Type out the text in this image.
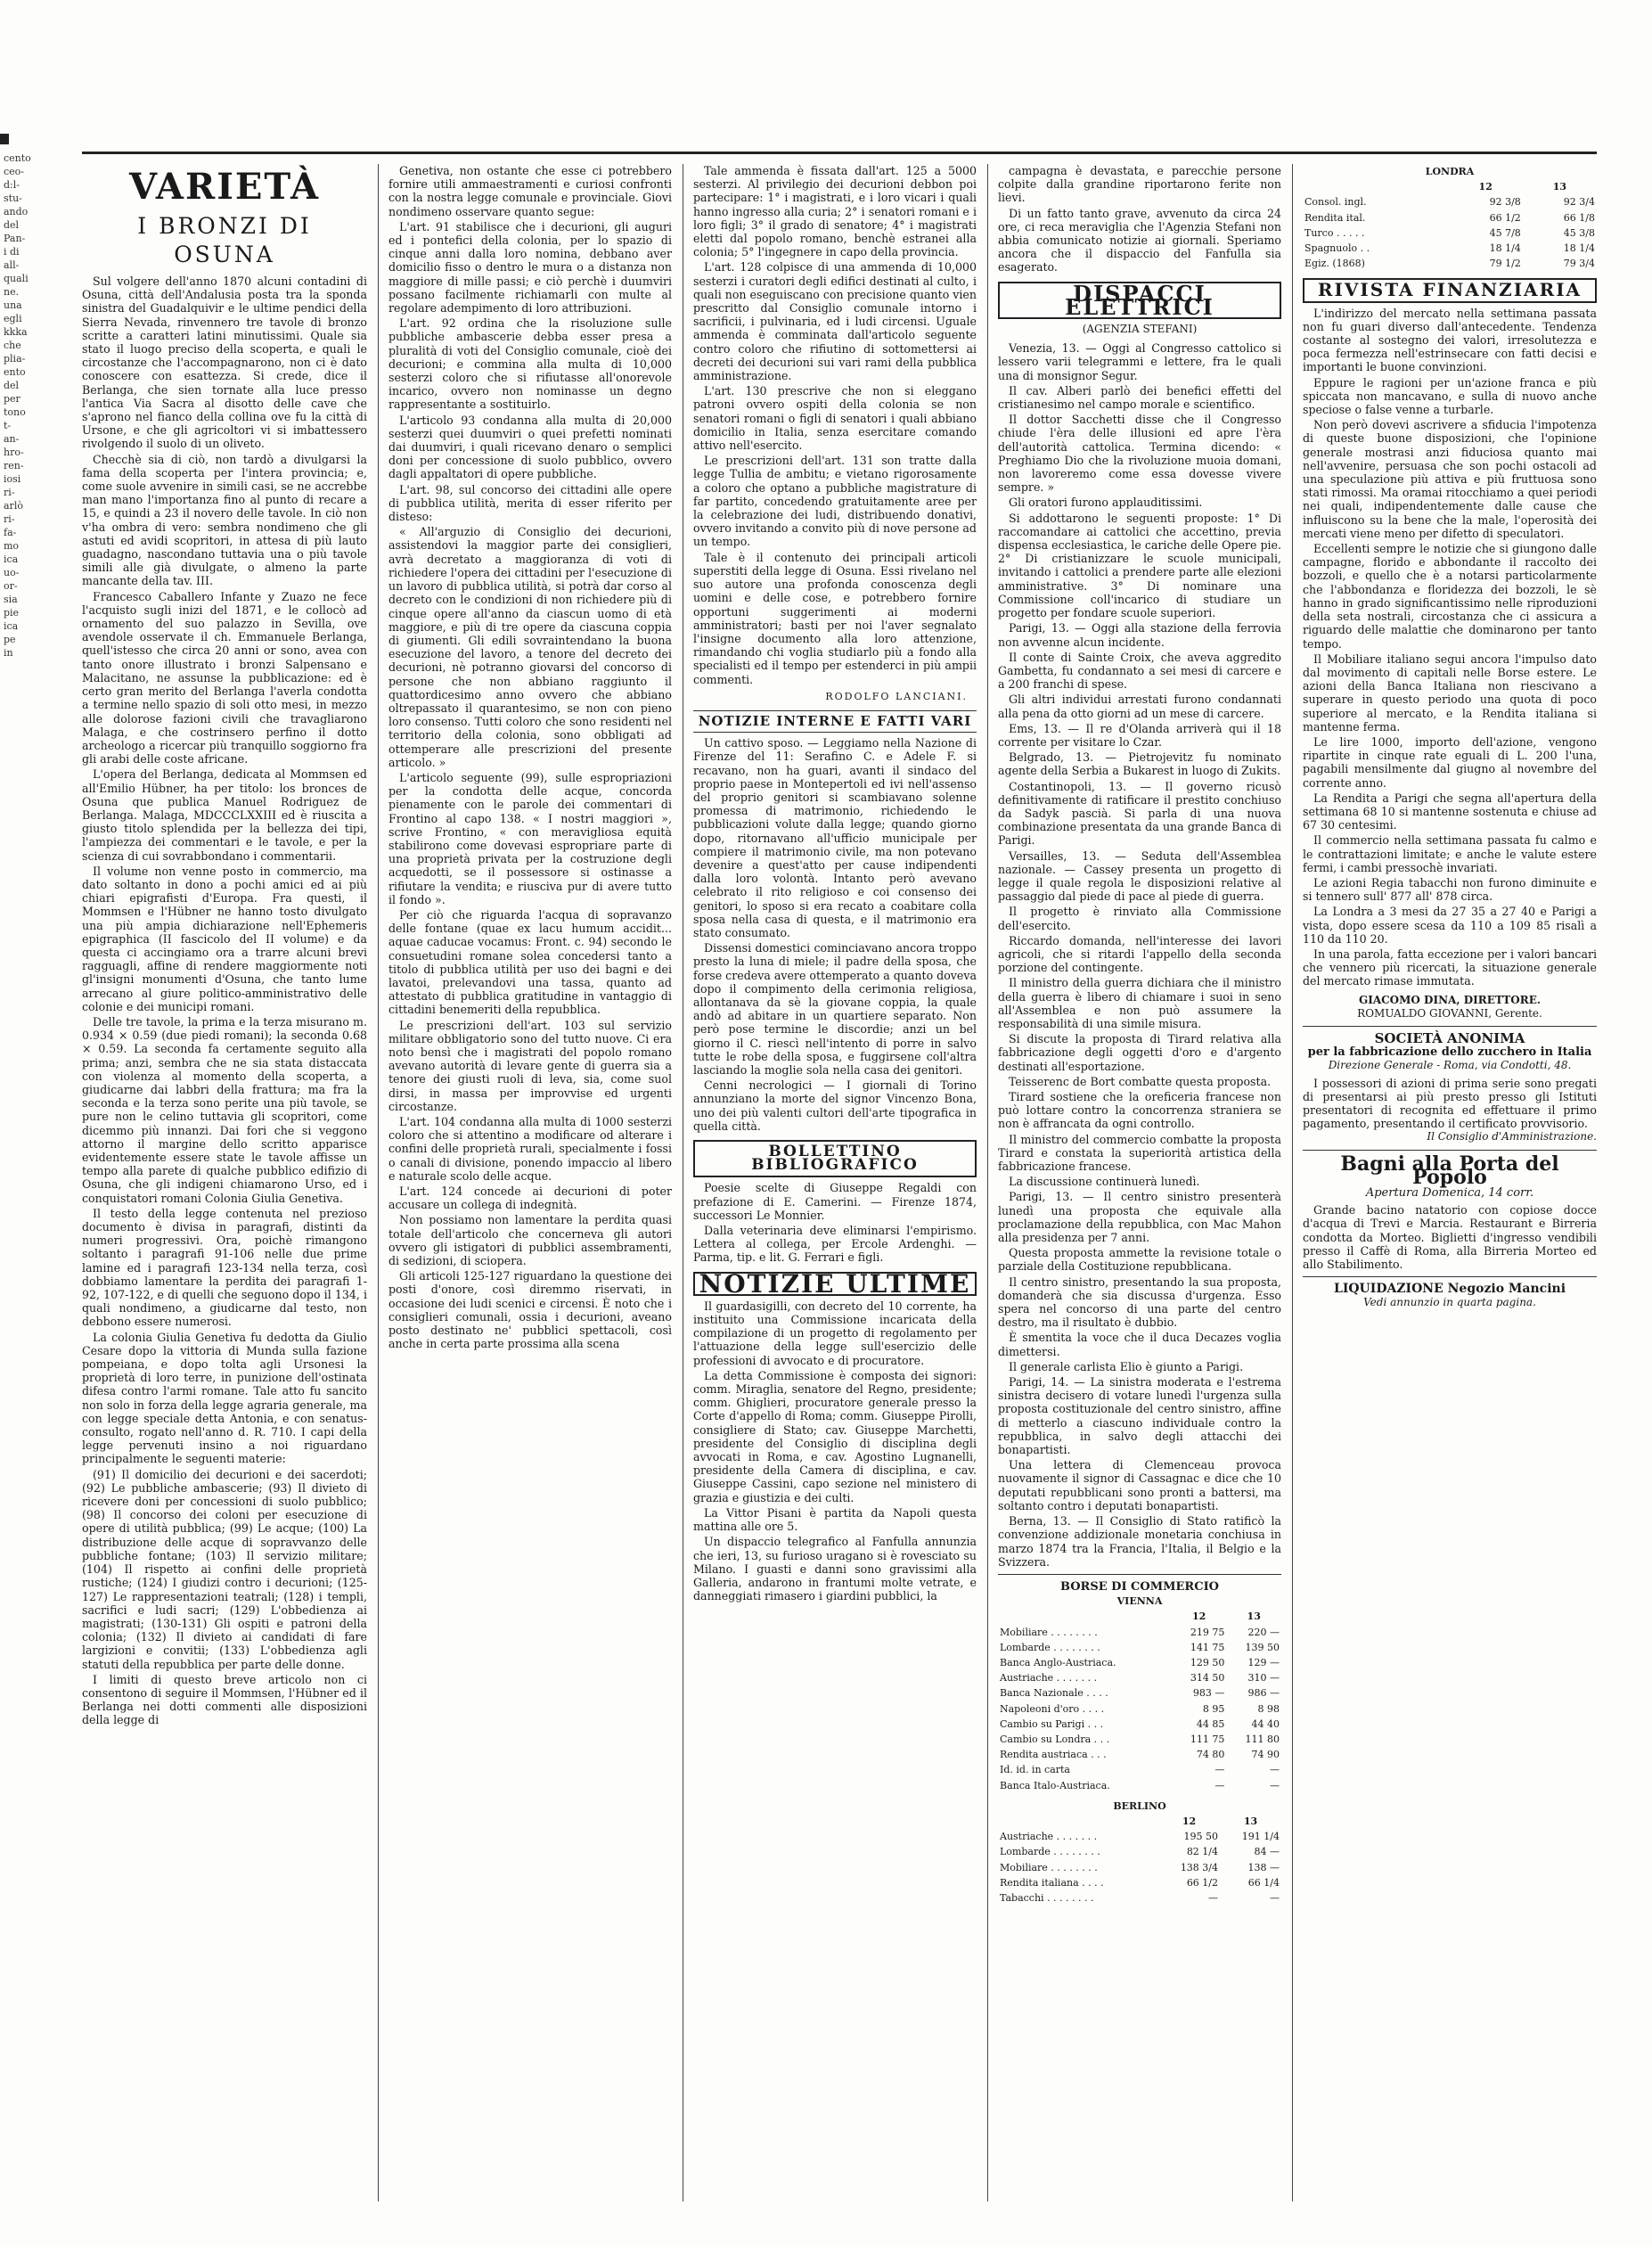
cento
ceo-
d:l-
stu-
ando
del
Pan-
i di
all-
quali
ne.
una
egli
kkka
che
plia-
ento
del
per
tono
t-
an-
hro-
ren-
iosi
ri-
arlò
ri-
fa-
mo
ica
uo-
or-
sia
pie
ica
pe
in
VARIETÀ
I BRONZI DI OSUNA

Sul volgere dell'anno 1870 alcuni contadini di Osuna, città dell'Andalusia posta tra la sponda sinistra del Guadalquivir e le ultime pendici della Sierra Nevada, rinvennero tre tavole di bronzo scritte a caratteri latini minutissimi. Quale sia stato il luogo preciso della scoperta, e quali le circostanze che l'accompagnarono, non ci è dato conoscere con esattezza. Si crede, dice il Berlanga, che sien tornate alla luce presso l'antica Via Sacra al disotto delle cave che s'aprono nel fianco della collina ove fu la città di Ursone, e che gli agricoltori vi si imbattessero rivolgendo il suolo di un oliveto.

Checchè sia di ciò, non tardò a divulgarsi la fama della scoperta per l'intera provincia; e, come suole avvenire in simili casi, se ne accrebbe man mano l'importanza fino al punto di recare a 15, e quindi a 23 il novero delle tavole. In ciò non v'ha ombra di vero: sembra nondimeno che gli astuti ed avidi scopritori, in attesa di più lauto guadagno, nascondano tuttavia una o più tavole simili alle già divulgate, o almeno la parte mancante della tav. III.

Francesco Caballero Infante y Zuazo ne fece l'acquisto sugli inizi del 1871, e le collocò ad ornamento del suo palazzo in Sevilla, ove avendole osservate il ch. Emmanuele Berlanga, quell'istesso che circa 20 anni or sono, avea con tanto onore illustrato i bronzi Salpensano e Malacitano, ne assunse la pubblicazione: ed è certo gran merito del Berlanga l'averla condotta a termine nello spazio di soli otto mesi, in mezzo alle dolorose fazioni civili che travagliarono Malaga, e che costrinsero perfino il dotto archeologo a ricercar più tranquillo soggiorno fra gli arabi delle coste africane.

L'opera del Berlanga, dedicata al Mommsen ed all'Emilio Hübner, ha per titolo: los bronces de Osuna que publica Manuel Rodriguez de Berlanga. Malaga, MDCCCLXXIII ed è riuscita a giusto titolo splendida per la bellezza dei tipi, l'ampiezza dei commentari e le tavole, e per la scienza di cui sovrabbondano i commentarii.

Il volume non venne posto in commercio, ma dato soltanto in dono a pochi amici ed ai più chiari epigrafisti d'Europa. Fra questi, il Mommsen e l'Hübner ne hanno tosto divulgato una più ampia dichiarazione nell'Ephemeris epigraphica (II fascicolo del II volume) e da questa ci accingiamo ora a trarre alcuni brevi ragguagli, affine di rendere maggiormente noti gl'insigni monumenti d'Osuna, che tanto lume arrecano al giure politico-amministrativo delle colonie e dei municipi romani.

Delle tre tavole, la prima e la terza misurano m. 0.934 × 0.59 (due piedi romani); la seconda 0.68 × 0.59. La seconda fa certamente seguito alla prima; anzi, sembra che ne sia stata distaccata con violenza al momento della scoperta, a giudicarne dai labbri della frattura; ma fra la seconda e la terza sono perite una più tavole, se pure non le celino tuttavia gli scopritori, come dicemmo più innanzi. Dai fori che si veggono attorno il margine dello scritto apparisce evidentemente essere state le tavole affisse un tempo alla parete di qualche pubblico edifizio di Osuna, che gli indigeni chiamarono Urso, ed i conquistatori romani Colonia Giulia Genetiva.

Il testo della legge contenuta nel prezioso documento è divisa in paragrafi, distinti da numeri progressivi. Ora, poichè rimangono soltanto i paragrafi 91-106 nelle due prime lamine ed i paragrafi 123-134 nella terza, così dobbiamo lamentare la perdita dei paragrafi 1-92, 107-122, e di quelli che seguono dopo il 134, i quali nondimeno, a giudicarne dal testo, non debbono essere numerosi.

La colonia Giulia Genetiva fu dedotta da Giulio Cesare dopo la vittoria di Munda sulla fazione pompeiana, e dopo tolta agli Ursonesi la proprietà di loro terre, in punizione dell'ostinata difesa contro l'armi romane. Tale atto fu sancito non solo in forza della legge agraria generale, ma con legge speciale detta Antonia, e con senatus-consulto, rogato nell'anno d. R. 710. I capi della legge pervenuti insino a noi riguardano principalmente le seguenti materie:

(91) Il domicilio dei decurioni e dei sacerdoti; (92) Le pubbliche ambascerie; (93) Il divieto di ricevere doni per concessioni di suolo pubblico; (98) Il concorso dei coloni per esecuzione di opere di utilità pubblica; (99) Le acque; (100) La distribuzione delle acque di sopravvanzo delle pubbliche fontane; (103) Il servizio militare; (104) Il rispetto ai confini delle proprietà rustiche; (124) I giudizi contro i decurioni; (125-127) Le rappresentazioni teatrali; (128) i templi, sacrifici e ludi sacri; (129) L'obbedienza ai magistrati; (130-131) Gli ospiti e patroni della colonia; (132) Il divieto ai candidati di fare largizioni e convitii; (133) L'obbedienza agli statuti della repubblica per parte delle donne.

I limiti di questo breve articolo non ci consentono di seguire il Mommsen, l'Hübner ed il Berlanga nei dotti commenti alle disposizioni della legge di

Genetiva, non ostante che esse ci potrebbero fornire utili ammaestramenti e curiosi confronti con la nostra legge comunale e provinciale. Giovi nondimeno osservare quanto segue:

L'art. 91 stabilisce che i decurioni, gli auguri ed i pontefici della colonia, per lo spazio di cinque anni dalla loro nomina, debbano aver domicilio fisso o dentro le mura o a distanza non maggiore di mille passi; e ciò perchè i duumviri possano facilmente richiamarli con multe al regolare adempimento di loro attribuzioni.

L'art. 92 ordina che la risoluzione sulle pubbliche ambascerie debba esser presa a pluralità di voti del Consiglio comunale, cioè dei decurioni; e commina alla multa di 10,000 sesterzi coloro che si rifiutasse all'onorevole incarico, ovvero non nominasse un degno rappresentante a sostituirlo.

L'articolo 93 condanna alla multa di 20,000 sesterzi quei duumviri o quei prefetti nominati dai duumviri, i quali ricevano denaro o semplici doni per concessione di suolo pubblico, ovvero dagli appaltatori di opere pubbliche.

L'art. 98, sul concorso dei cittadini alle opere di pubblica utilità, merita di esser riferito per disteso:

« All'arguzio di Consiglio dei decurioni, assistendovi la maggior parte dei consiglieri, avrà decretato a maggioranza di voti di richiedere l'opera dei cittadini per l'esecuzione di un lavoro di pubblica utilità, si potrà dar corso al decreto con le condizioni di non richiedere più di cinque opere all'anno da ciascun uomo di età maggiore, e più di tre opere da ciascuna coppia di giumenti. Gli edili sovraintendano la buona esecuzione del lavoro, a tenore del decreto dei decurioni, nè potranno giovarsi del concorso di persone che non abbiano raggiunto il quattordicesimo anno ovvero che abbiano oltrepassato il quarantesimo, se non con pieno loro consenso. Tutti coloro che sono residenti nel territorio della colonia, sono obbligati ad ottemperare alle prescrizioni del presente articolo. »

L'articolo seguente (99), sulle espropriazioni per la condotta delle acque, concorda pienamente con le parole dei commentari di Frontino al capo 138. « I nostri maggiori », scrive Frontino, « con meravigliosa equità stabilirono come dovevasi espropriare parte di una proprietà privata per la costruzione degli acquedotti, se il possessore si ostinasse a rifiutare la vendita; e riusciva pur di avere tutto il fondo ».

Per ciò che riguarda l'acqua di sopravanzo delle fontane (quae ex lacu humum accidit... aquae caducae vocamus: Front. c. 94) secondo le consuetudini romane solea concedersi tanto a titolo di pubblica utilità per uso dei bagni e dei lavatoi, prelevandovi una tassa, quanto ad attestato di pubblica gratitudine in vantaggio di cittadini benemeriti della repubblica.

Le prescrizioni dell'art. 103 sul servizio militare obbligatorio sono del tutto nuove. Ci era noto bensì che i magistrati del popolo romano avevano autorità di levare gente di guerra sia a tenore dei giusti ruoli di leva, sia, come suol dirsi, in massa per improvvise ed urgenti circostanze.

L'art. 104 condanna alla multa di 1000 sesterzi coloro che si attentino a modificare od alterare i confini delle proprietà rurali, specialmente i fossi o canali di divisione, ponendo impaccio al libero e naturale scolo delle acque.

L'art. 124 concede ai decurioni di poter accusare un collega di indegnità.

Non possiamo non lamentare la perdita quasi totale dell'articolo che concerneva gli autori ovvero gli istigatori di pubblici assembramenti, di sedizioni, di sciopera.

Gli articoli 125-127 riguardano la questione dei posti d'onore, così diremmo riservati, in occasione dei ludi scenici e circensi. È noto che i consiglieri comunali, ossia i decurioni, aveano posto destinato ne' pubblici spettacoli, così anche in certa parte prossima alla scena

Tale ammenda è fissata dall'art. 125 a 5000 sesterzi. Al privilegio dei decurioni debbon poi partecipare: 1° i magistrati, e i loro vicari i quali hanno ingresso alla curia; 2° i senatori romani e i loro figli; 3° il grado di senatore; 4° i magistrati eletti dal popolo romano, benchè estranei alla colonia; 5° l'ingegnere in capo della provincia.

L'art. 128 colpisce di una ammenda di 10,000 sesterzi i curatori degli edifici destinati al culto, i quali non eseguiscano con precisione quanto vien prescritto dal Consiglio comunale intorno i sacrificii, i pulvinaria, ed i ludi circensi. Uguale ammenda è comminata dall'articolo seguente contro coloro che rifiutino di sottomettersi ai decreti dei decurioni sui vari rami della pubblica amministrazione.

L'art. 130 prescrive che non si eleggano patroni ovvero ospiti della colonia se non senatori romani o figli di senatori i quali abbiano domicilio in Italia, senza esercitare comando attivo nell'esercito.

Le prescrizioni dell'art. 131 son tratte dalla legge Tullia de ambitu; e vietano rigorosamente a coloro che optano a pubbliche magistrature di far partito, concedendo gratuitamente aree per la celebrazione dei ludi, distribuendo donativi, ovvero invitando a convito più di nove persone ad un tempo.

Tale è il contenuto dei principali articoli superstiti della legge di Osuna. Essi rivelano nel suo autore una profonda conoscenza degli uomini e delle cose, e potrebbero fornire opportuni suggerimenti ai moderni amministratori; basti per noi l'aver segnalato l'insigne documento alla loro attenzione, rimandando chi voglia studiarlo più a fondo alla specialisti ed il tempo per estenderci in più ampii commenti.

RODOLFO LANCIANI.
NOTIZIE INTERNE E FATTI VARI

Un cattivo sposo. — Leggiamo nella Nazione di Firenze del 11: Serafino C. e Adele F. si recavano, non ha guari, avanti il sindaco del proprio paese in Montepertoli ed ivi nell'assenso del proprio genitori si scambiavano solenne promessa di matrimonio, richiedendo le pubblicazioni volute dalla legge; quando giorno dopo, ritornavano all'ufficio municipale per compiere il matrimonio civile, ma non potevano devenire a quest'atto per cause indipendenti dalla loro volontà. Intanto però avevano celebrato il rito religioso e coi consenso dei genitori, lo sposo si era recato a coabitare colla sposa nella casa di questa, e il matrimonio era stato consumato.

Dissensi domestici cominciavano ancora troppo presto la luna di miele; il padre della sposa, che forse credeva avere ottemperato a quanto doveva dopo il compimento della cerimonia religiosa, allontanava da sè la giovane coppia, la quale andò ad abitare in un quartiere separato. Non però pose termine le discordie; anzi un bel giorno il C. riescì nell'intento di porre in salvo tutte le robe della sposa, e fuggirsene coll'altra lasciando la moglie sola nella casa dei genitori.

Cenni necrologici — I giornali di Torino annunziano la morte del signor Vincenzo Bona, uno dei più valenti cultori dell'arte tipografica in quella città.

BOLLETTINO BIBLIOGRAFICO

Poesie scelte di Giuseppe Regaldi con prefazione di E. Camerini. — Firenze 1874, successori Le Monnier.

Dalla veterinaria deve eliminarsi l'empirismo. Lettera al collega, per Ercole Ardenghi. — Parma, tip. e lit. G. Ferrari e figli.

NOTIZIE ULTIME

Il guardasigilli, con decreto del 10 corrente, ha instituito una Commissione incaricata della compilazione di un progetto di regolamento per l'attuazione della legge sull'esercizio delle professioni di avvocato e di procuratore.

La detta Commissione è composta dei signori: comm. Miraglia, senatore del Regno, presidente; comm. Ghiglieri, procuratore generale presso la Corte d'appello di Roma; comm. Giuseppe Pirolli, consigliere di Stato; cav. Giuseppe Marchetti, presidente del Consiglio di disciplina degli avvocati in Roma, e cav. Agostino Lugnanelli, presidente della Camera di disciplina, e cav. Giuseppe Cassini, capo sezione nel ministero di grazia e giustizia e dei culti.

La Vittor Pisani è partita da Napoli questa mattina alle ore 5.

Un dispaccio telegrafico al Fanfulla annunzia che ieri, 13, su furioso uragano si è rovesciato su Milano. I guasti e danni sono gravissimi alla Galleria, andarono in frantumi molte vetrate, e danneggiati rimasero i giardini pubblici, la

campagna è devastata, e parecchie persone colpite dalla grandine riportarono ferite non lievi.

Di un fatto tanto grave, avvenuto da circa 24 ore, ci reca meraviglia che l'Agenzia Stefani non abbia comunicato notizie ai giornali. Speriamo ancora che il dispaccio del Fanfulla sia esagerato.

DISPACCI ELETTRICI
(AGENZIA STEFANI)

Venezia, 13. — Oggi al Congresso cattolico si lessero varii telegrammi e lettere, fra le quali una di monsignor Segur.

Il cav. Alberi parlò dei benefici effetti del cristianesimo nel campo morale e scientifico.

Il dottor Sacchetti disse che il Congresso chiude l'èra delle illusioni ed apre l'èra dell'autorità cattolica. Termina dicendo: « Preghiamo Dio che la rivoluzione muoia domani, non lavoreremo come essa dovesse vivere sempre. »

Gli oratori furono applauditissimi.

Si addottarono le seguenti proposte: 1° Di raccomandare ai cattolici che accettino, previa dispensa ecclesiastica, le cariche delle Opere pie. 2° Di cristianizzare le scuole municipali, invitando i cattolici a prendere parte alle elezioni amministrative. 3° Di nominare una Commissione coll'incarico di studiare un progetto per fondare scuole superiori.

Parigi, 13. — Oggi alla stazione della ferrovia non avvenne alcun incidente.

Il conte di Sainte Croix, che aveva aggredito Gambetta, fu condannato a sei mesi di carcere e a 200 franchi di spese.

Gli altri individui arrestati furono condannati alla pena da otto giorni ad un mese di carcere.

Ems, 13. — Il re d'Olanda arriverà qui il 18 corrente per visitare lo Czar.

Belgrado, 13. — Pietrojevitz fu nominato agente della Serbia a Bukarest in luogo di Zukits.

Costantinopoli, 13. — Il governo ricusò definitivamente di ratificare il prestito conchiuso da Sadyk pascià. Si parla di una nuova combinazione presentata da una grande Banca di Parigi.

Versailles, 13. — Seduta dell'Assemblea nazionale. — Cassey presenta un progetto di legge il quale regola le disposizioni relative al passaggio dal piede di pace al piede di guerra.

Il progetto è rinviato alla Commissione dell'esercito.

Riccardo domanda, nell'interesse dei lavori agricoli, che si ritardi l'appello della seconda porzione del contingente.

Il ministro della guerra dichiara che il ministro della guerra è libero di chiamare i suoi in seno all'Assemblea e non può assumere la responsabilità di una simile misura.

Si discute la proposta di Tirard relativa alla fabbricazione degli oggetti d'oro e d'argento destinati all'esportazione.

Teisserenc de Bort combatte questa proposta.

Tirard sostiene che la oreficeria francese non può lottare contro la concorrenza straniera se non è affrancata da ogni controllo.

Il ministro del commercio combatte la proposta Tirard e constata la superiorità artistica della fabbricazione francese.

La discussione continuerà lunedì.

Parigi, 13. — Il centro sinistro presenterà lunedì una proposta che equivale alla proclamazione della repubblica, con Mac Mahon alla presidenza per 7 anni.

Questa proposta ammette la revisione totale o parziale della Costituzione repubblicana.

Il centro sinistro, presentando la sua proposta, domanderà che sia discussa d'urgenza. Esso spera nel concorso di una parte del centro destro, ma il risultato è dubbio.

È smentita la voce che il duca Decazes voglia dimettersi.

Il generale carlista Elio è giunto a Parigi.

Parigi, 14. — La sinistra moderata e l'estrema sinistra decisero di votare lunedì l'urgenza sulla proposta costituzionale del centro sinistro, affine di metterlo a ciascuno individuale contro la repubblica, in salvo degli attacchi dei bonapartisti.

Una lettera di Clemenceau provoca nuovamente il signor di Cassagnac e dice che 10 deputati repubblicani sono pronti a battersi, ma soltanto contro i deputati bonapartisti.

Berna, 13. — Il Consiglio di Stato ratificò la convenzione addizionale monetaria conchiusa in marzo 1874 tra la Francia, l'Italia, il Belgio e la Svizzera.

BORSE DI COMMERCIO
VIENNA		
	12	13
Mobiliare . . . . . . . .	219 75	220 —
Lombarde . . . . . . . .	141 75	139 50
Banca Anglo-Austriaca.	129 50	129 —
Austriache . . . . . . .	314 50	310 —
Banca Nazionale . . . .	983 —	986 —
Napoleoni d'oro . . . .	8 95	8 98
Cambio su Parigi . . .	44 85	44 40
Cambio su Londra . . .	111 75	111 80
Rendita austriaca . . .	74 80	74 90
Id. id. in carta	—	—
Banca Italo-Austriaca.	—	—
BERLINO		
	12	13
Austriache . . . . . . .	195 50	191 1/4
Lombarde . . . . . . . .	82 1/4	84 —
Mobiliare . . . . . . . .	138 3/4	138 —
Rendita italiana . . . .	66 1/2	66 1/4
Tabacchi . . . . . . . .	—	—
LONDRA		
	12	13
Consol. ingl.	92 3/8	92 3/4
Rendita ital.	66 1/2	66 1/8
Turco . . . . .	45 7/8	45 3/8
Spagnuolo . .	18 1/4	18 1/4
Egiz. (1868)	79 1/2	79 3/4
RIVISTA FINANZIARIA

L'indirizzo del mercato nella settimana passata non fu guari diverso dall'antecedente. Tendenza costante al sostegno dei valori, irresolutezza e poca fermezza nell'estrinsecare con fatti decisi e importanti le buone convinzioni.

Eppure le ragioni per un'azione franca e più spiccata non mancavano, e sulla di nuovo anche speciose o false venne a turbarle.

Non però dovevi ascrivere a sfiducia l'impotenza di queste buone disposizioni, che l'opinione generale mostrasi anzi fiduciosa quanto mai nell'avvenire, persuasa che son pochi ostacoli ad una speculazione più attiva e più fruttuosa sono stati rimossi. Ma oramai ritocchiamo a quei periodi nei quali, indipendentemente dalle cause che influiscono su la bene che la male, l'operosità dei mercati viene meno per difetto di speculatori.

Eccellenti sempre le notizie che si giungono dalle campagne, florido e abbondante il raccolto dei bozzoli, e quello che è a notarsi particolarmente che l'abbondanza e floridezza dei bozzoli, le sè hanno in grado significantissimo nelle riproduzioni della seta nostrali, circostanza che ci assicura a riguardo delle malattie che dominarono per tanto tempo.

Il Mobiliare italiano segui ancora l'impulso dato dal movimento di capitali nelle Borse estere. Le azioni della Banca Italiana non riescivano a superare in questo periodo una quota di poco superiore al mercato, e la Rendita italiana si mantenne ferma.

Le lire 1000, importo dell'azione, vengono ripartite in cinque rate eguali di L. 200 l'una, pagabili mensilmente dal giugno al novembre del corrente anno.

La Rendita a Parigi che segna all'apertura della settimana 68 10 si mantenne sostenuta e chiuse ad 67 30 centesimi.

Il commercio nella settimana passata fu calmo e le contrattazioni limitate; e anche le valute estere fermi, i cambi pressochè invariati.

Le azioni Regia tabacchi non furono diminuite e si tennero sull' 877 all' 878 circa.

La Londra a 3 mesi da 27 35 a 27 40 e Parigi a vista, dopo essere scesa da 110 a 109 85 risalì a 110 da 110 20.

In una parola, fatta eccezione per i valori bancari che vennero più ricercati, la situazione generale del mercato rimase immutata.

GIACOMO DINA, DIRETTORE.
ROMUALDO GIOVANNI, Gerente.
SOCIETÀ ANONIMA
per la fabbricazione dello zucchero in Italia
Direzione Generale - Roma, via Condotti, 48.

I possessori di azioni di prima serie sono pregati di presentarsi ai più presto presso gli Istituti presentatori di recognita ed effettuare il primo pagamento, presentando il certificato provvisorio.

Il Consiglio d'Amministrazione.
Bagni alla Porta del Popolo
Apertura Domenica, 14 corr.

Grande bacino natatorio con copiose docce d'acqua di Trevi e Marcia. Restaurant e Birreria condotta da Morteo. Biglietti d'ingresso vendibili presso il Caffè di Roma, alla Birreria Morteo ed allo Stabilimento.

LIQUIDAZIONE Negozio Mancini
Vedi annunzio in quarta pagina.
